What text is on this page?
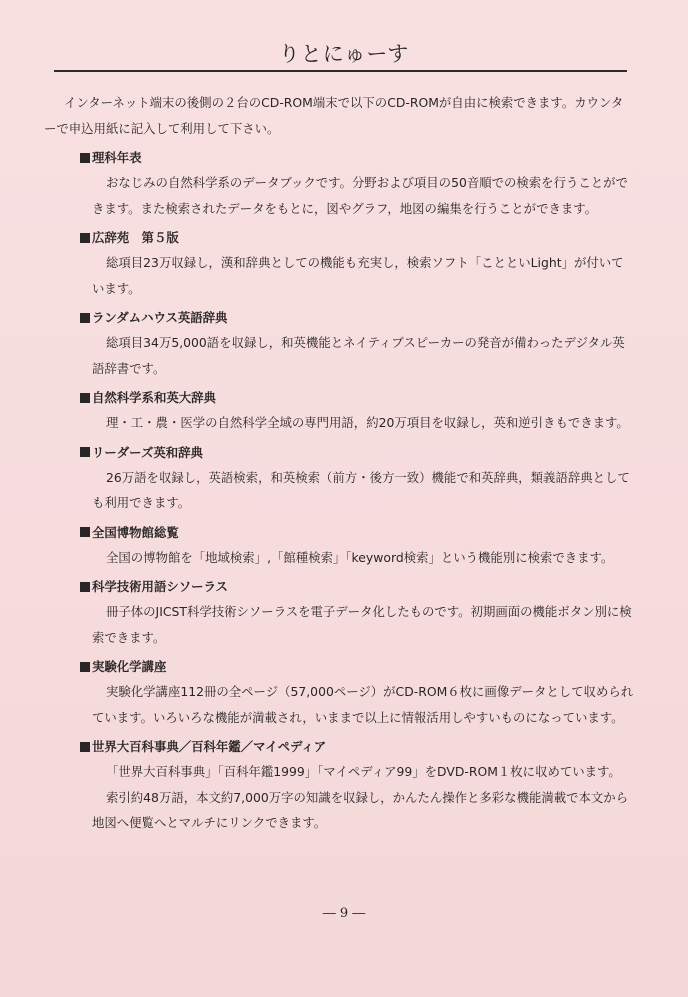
りとにゅーす

インターネット端末の後側の２台のCD-ROM端末で以下のCD-ROMが自由に検索できます。カウンターで申込用紙に記入して利用して下さい。

理科年表

おなじみの自然科学系のデータブックです。分野および項目の50音順での検索を行うことができます。また検索されたデータをもとに，図やグラフ，地図の編集を行うことができます。

広辞苑　第５版

総項目23万収録し，漢和辞典としての機能も充実し，検索ソフト「ことといLight」が付いています。

ランダムハウス英語辞典

総項目34万5,000語を収録し，和英機能とネイティブスピーカーの発音が備わったデジタル英語辞書です。

自然科学系和英大辞典

理・工・農・医学の自然科学全域の専門用語，約20万項目を収録し，英和逆引きもできます。

リーダーズ英和辞典

26万語を収録し，英語検索，和英検索（前方・後方一致）機能で和英辞典，類義語辞典としても利用できます。

全国博物館総覧

全国の博物館を「地域検索」,「館種検索」「keyword検索」という機能別に検索できます。

科学技術用語シソーラス

冊子体のJICST科学技術シソーラスを電子データ化したものです。初期画面の機能ボタン別に検索できます。

実験化学講座

実験化学講座112冊の全ページ（57,000ページ）がCD-ROM６枚に画像データとして収められています。いろいろな機能が満載され，いままで以上に情報活用しやすいものになっています。

世界大百科事典／百科年鑑／マイペディア

「世界大百科事典」「百科年鑑1999」「マイペディア99」をDVD-ROM１枚に収めています。

索引約48万語，本文約7,000万字の知識を収録し，かんたん操作と多彩な機能満載で本文から地図へ便覧へとマルチにリンクできます。

― 9 ―
